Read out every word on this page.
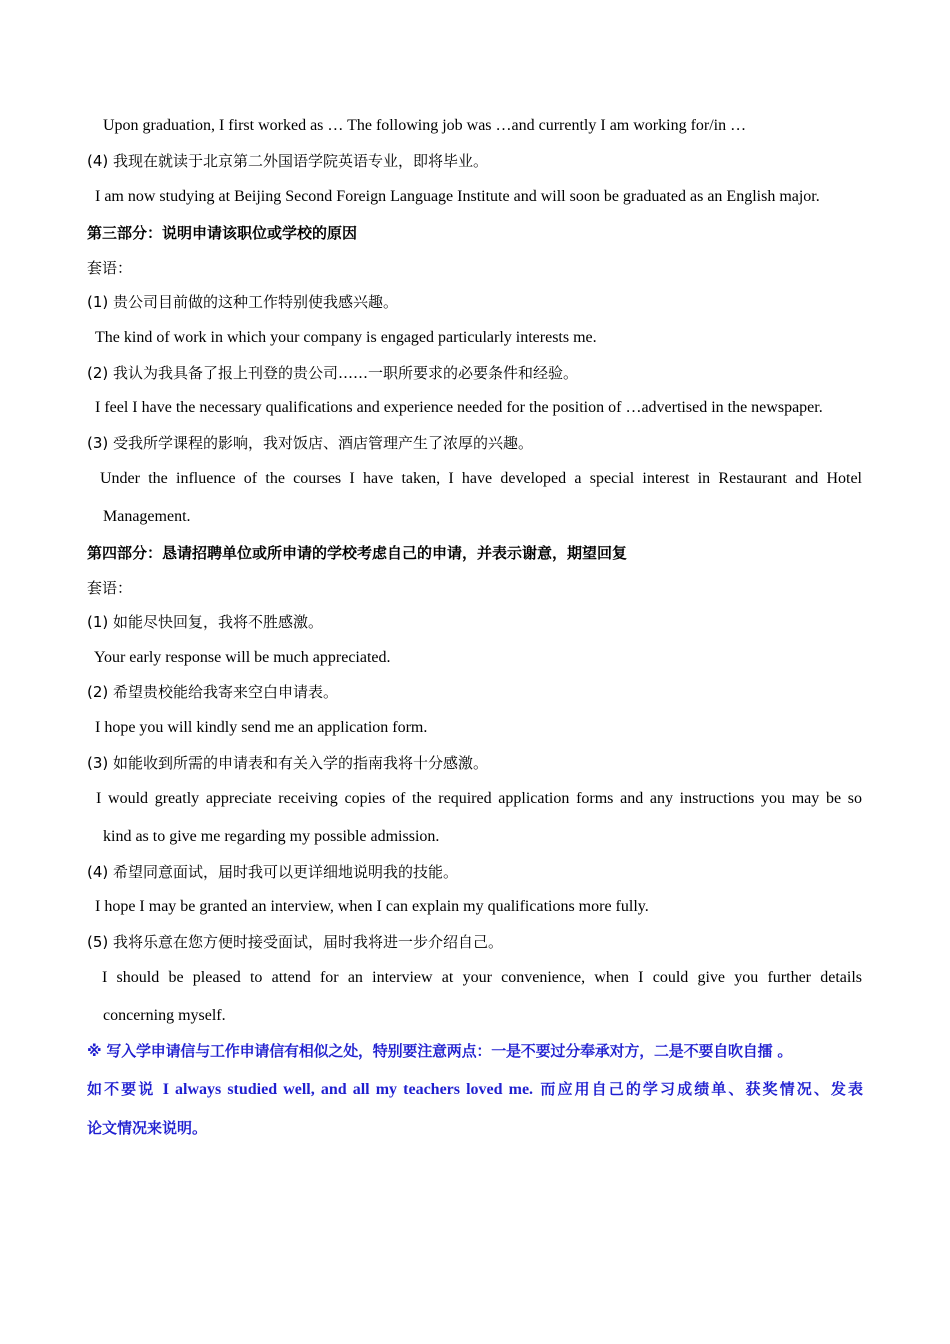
Upon graduation, I first worked as … The following job was …and currently I am working for/in …
(4) 我现在就读于北京第二外国语学院英语专业，即将毕业。
I am now studying at Beijing Second Foreign Language Institute and will soon be graduated as an English major.
第三部分：说明申请该职位或学校的原因
套语：
(1) 贵公司目前做的这种工作特别使我感兴趣。
The kind of work in which your company is engaged particularly interests me.
(2) 我认为我具备了报上刊登的贵公司……一职所要求的必要条件和经验。
I feel I have the necessary qualifications and experience needed for the position of …advertised in the newspaper.
(3) 受我所学课程的影响，我对饭店、酒店管理产生了浓厚的兴趣。
Under the influence of the courses I have taken, I have developed a special interest in Restaurant and Hotel
Management.
第四部分：恳请招聘单位或所申请的学校考虑自己的申请，并表示谢意，期望回复
套语：
(1) 如能尽快回复，我将不胜感激。
Your early response will be much appreciated.
(2) 希望贵校能给我寄来空白申请表。
I hope you will kindly send me an application form.
(3) 如能收到所需的申请表和有关入学的指南我将十分感激。
I would greatly appreciate receiving copies of the required application forms and any instructions you may be so
kind as to give me regarding my possible admission.
(4) 希望同意面试，届时我可以更详细地说明我的技能。
I hope I may be granted an interview, when I can explain my qualifications more fully.
(5) 我将乐意在您方便时接受面试，届时我将进一步介绍自己。
I should be pleased to attend for an interview at your convenience, when I could give you further details
concerning myself.
※ 写入学申请信与工作申请信有相似之处，特别要注意两点：一是不要过分奉承对方，二是不要自吹自擂 。
如不要说 I always studied well, and all my teachers loved me. 而应用自己的学习成绩单、获奖情况、发表
论文情况来说明。
